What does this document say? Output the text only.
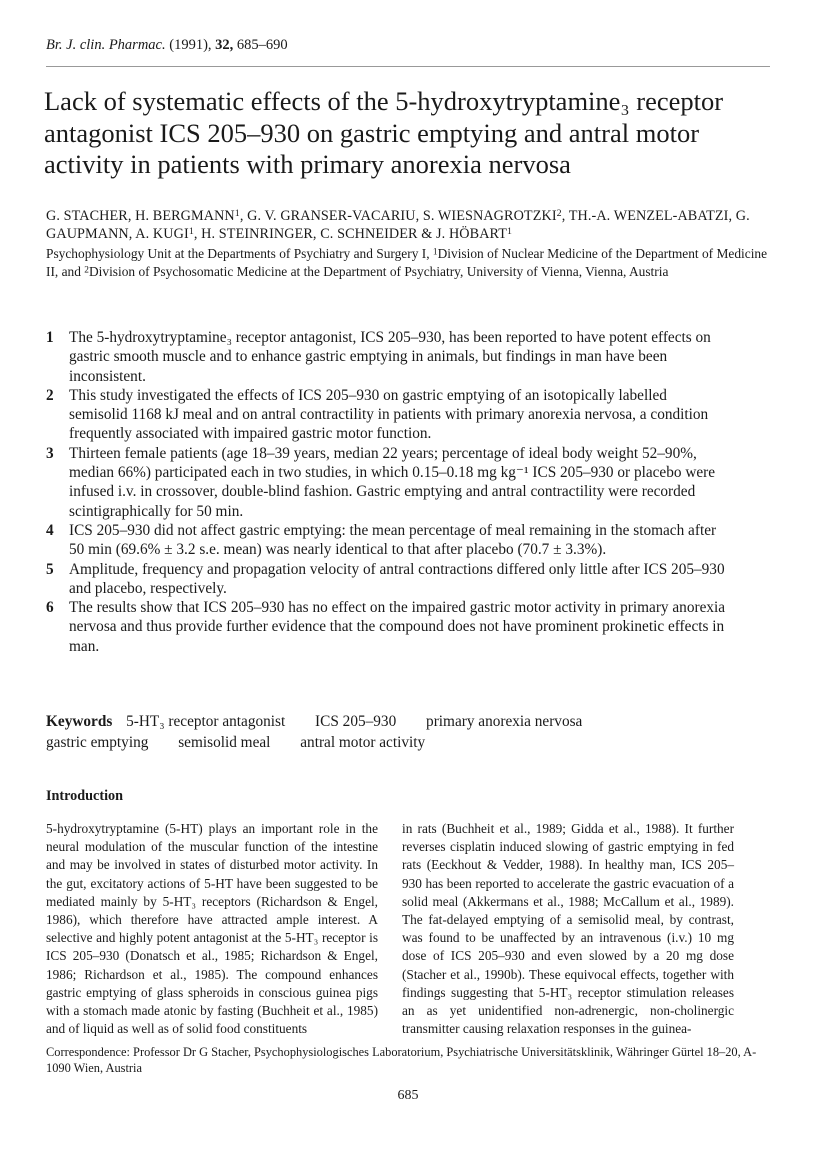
Br. J. clin. Pharmac. (1991), 32, 685–690
Lack of systematic effects of the 5-hydroxytryptamine₃ receptor antagonist ICS 205–930 on gastric emptying and antral motor activity in patients with primary anorexia nervosa
G. STACHER, H. BERGMANN$^1$, G. V. GRANSER-VACARIU, S. WIESNAGROTZKI$^2$, TH.-A. WENZEL-ABATZI, G. GAUPMANN, A. KUGI$^1$, H. STEINRINGER, C. SCHNEIDER & J. HÖBART$^1$
Psychophysiology Unit at the Departments of Psychiatry and Surgery I, $^1$Division of Nuclear Medicine of the Department of Medicine II, and $^2$Division of Psychosomatic Medicine at the Department of Psychiatry, University of Vienna, Vienna, Austria
1	The 5-hydroxytryptamine₃ receptor antagonist, ICS 205–930, has been reported to have potent effects on gastric smooth muscle and to enhance gastric emptying in animals, but findings in man have been inconsistent.
2	This study investigated the effects of ICS 205–930 on gastric emptying of an isotopically labelled semisolid 1168 kJ meal and on antral contractility in patients with primary anorexia nervosa, a condition frequently associated with impaired gastric motor function.
3	Thirteen female patients (age 18–39 years, median 22 years; percentage of ideal body weight 52–90%, median 66%) participated each in two studies, in which 0.15–0.18 mg kg⁻¹ ICS 205–930 or placebo were infused i.v. in crossover, double-blind fashion. Gastric emptying and antral contractility were recorded scintigraphically for 50 min.
4	ICS 205–930 did not affect gastric emptying: the mean percentage of meal remaining in the stomach after 50 min (69.6% ± 3.2 s.e. mean) was nearly identical to that after placebo (70.7 ± 3.3%).
5	Amplitude, frequency and propagation velocity of antral contractions differed only little after ICS 205–930 and placebo, respectively.
6	The results show that ICS 205–930 has no effect on the impaired gastric motor activity in primary anorexia nervosa and thus provide further evidence that the compound does not have prominent prokinetic effects in man.
Keywords 5-HT₃ receptor antagonist ICS 205–930 primary anorexia nervosa
gastric emptying semisolid meal antral motor activity
Introduction
5-hydroxytryptamine (5-HT) plays an important role in the neural modulation of the muscular function of the intestine and may be involved in states of disturbed motor activity. In the gut, excitatory actions of 5-HT have been suggested to be mediated mainly by 5-HT₃ receptors (Richardson & Engel, 1986), which therefore have attracted ample interest. A selective and highly potent antagonist at the 5-HT₃ receptor is ICS 205–930 (Donatsch et al., 1985; Richardson & Engel, 1986; Richardson et al., 1985). The compound enhances gastric emptying of glass spheroids in conscious guinea pigs with a stomach made atonic by fasting (Buchheit et al., 1985) and of liquid as well as of solid food constituents
in rats (Buchheit et al., 1989; Gidda et al., 1988). It further reverses cisplatin induced slowing of gastric emptying in fed rats (Eeckhout & Vedder, 1988). In healthy man, ICS 205–930 has been reported to accelerate the gastric evacuation of a solid meal (Akkermans et al., 1988; McCallum et al., 1989). The fat-delayed emptying of a semisolid meal, by contrast, was found to be unaffected by an intravenous (i.v.) 10 mg dose of ICS 205–930 and even slowed by a 20 mg dose (Stacher et al., 1990b). These equivocal effects, together with findings suggesting that 5-HT₃ receptor stimulation releases an as yet unidentified non-adrenergic, non-cholinergic transmitter causing relaxation responses in the guinea-
Correspondence: Professor Dr G Stacher, Psychophysiologisches Laboratorium, Psychiatrische Universitätsklinik, Währinger Gürtel 18–20, A-1090 Wien, Austria
685
